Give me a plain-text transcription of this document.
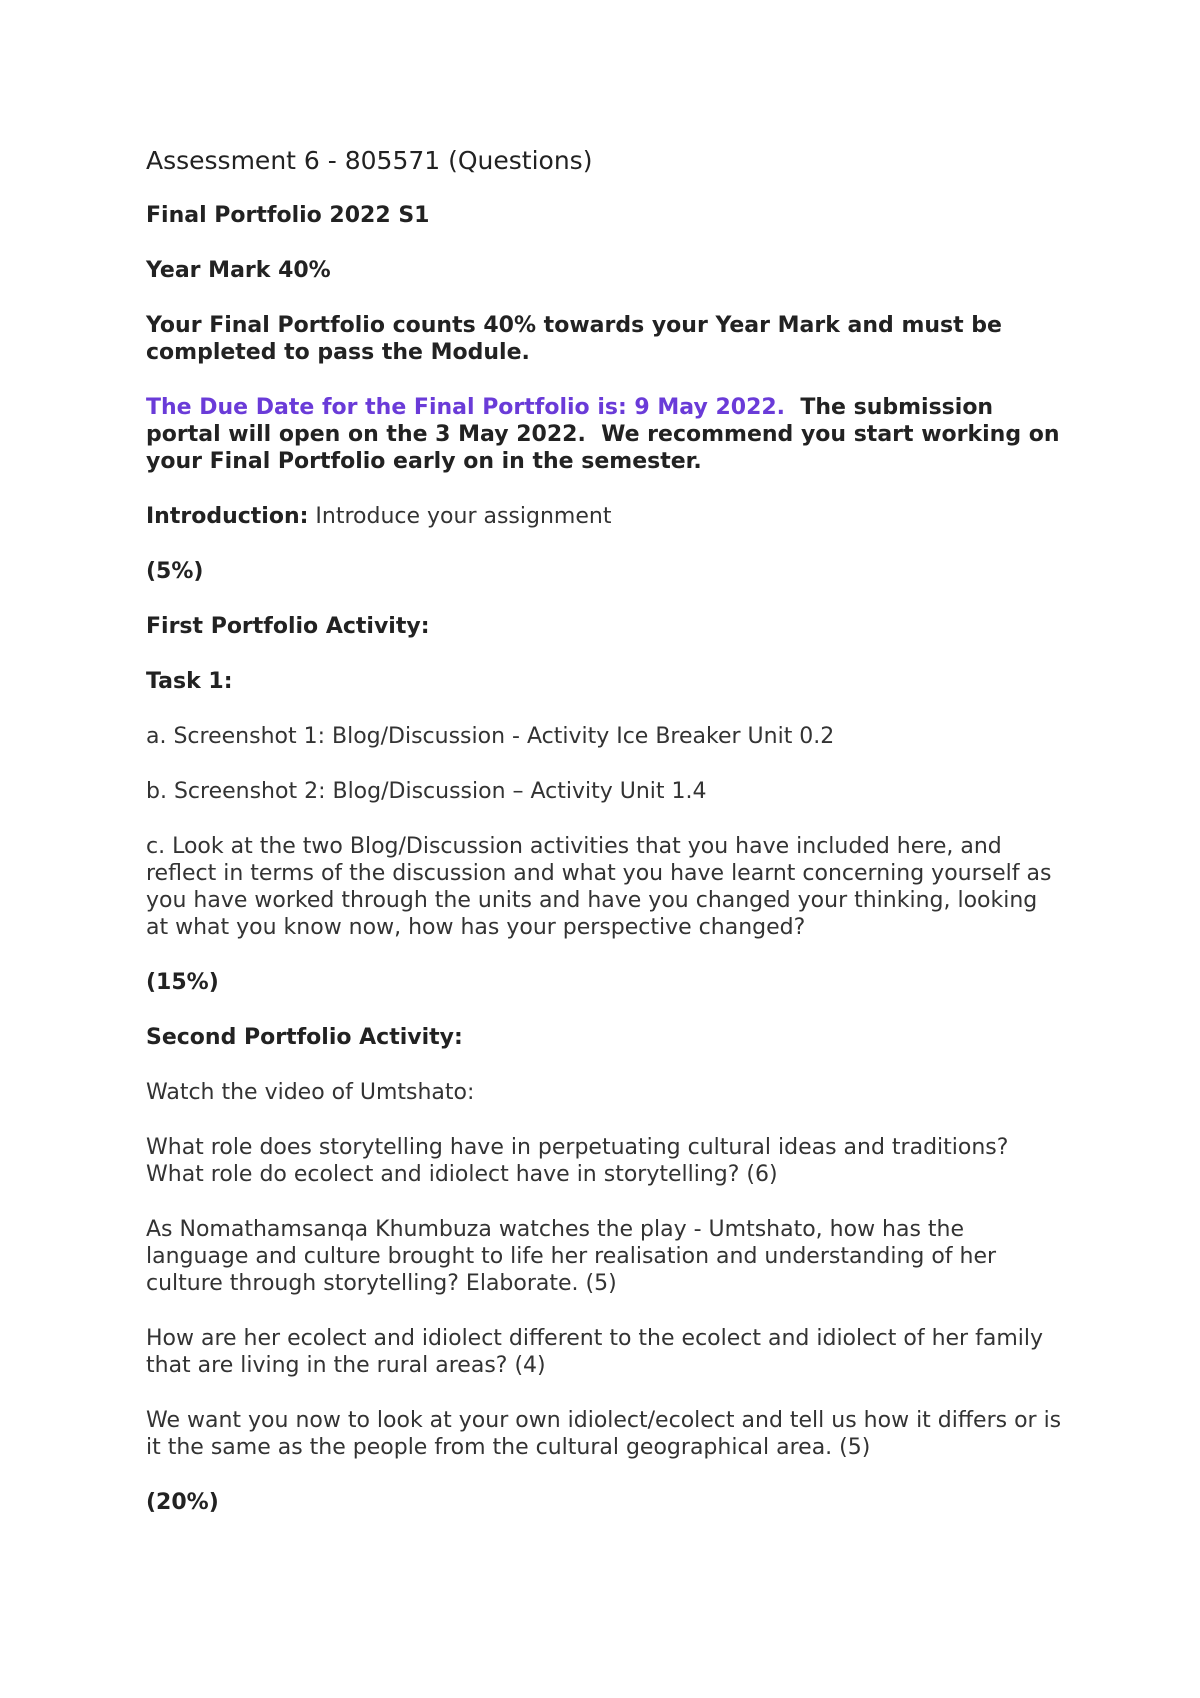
Assessment 6 - 805571 (Questions)

Final Portfolio 2022 S1

Year Mark 40%

Your Final Portfolio counts 40% towards your Year Mark and must be completed to pass the Module.

The Due Date for the Final Portfolio is: 9 May 2022.  The submission portal will open on the 3 May 2022.  We recommend you start working on your Final Portfolio early on in the semester.

Introduction: Introduce your assignment

(5%)

First Portfolio Activity:

Task 1:

a. Screenshot 1: Blog/Discussion - Activity Ice Breaker Unit 0.2

b. Screenshot 2: Blog/Discussion – Activity Unit 1.4

c. Look at the two Blog/Discussion activities that you have included here, and reflect in terms of the discussion and what you have learnt concerning yourself as you have worked through the units and have you changed your thinking, looking at what you know now, how has your perspective changed?

(15%)

Second Portfolio Activity:

Watch the video of Umtshato:

What role does storytelling have in perpetuating cultural ideas and traditions? What role do ecolect and idiolect have in storytelling? (6)

As Nomathamsanqa Khumbuza watches the play - Umtshato, how has the language and culture brought to life her realisation and understanding of her culture through storytelling? Elaborate. (5)

How are her ecolect and idiolect different to the ecolect and idiolect of her family that are living in the rural areas? (4)

We want you now to look at your own idiolect/ecolect and tell us how it differs or is it the same as the people from the cultural geographical area. (5)

(20%)
